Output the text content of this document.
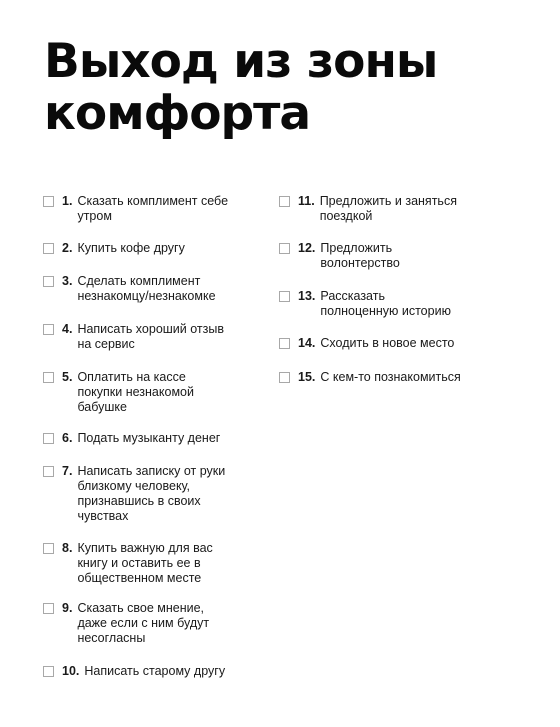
Выход из зоны
комфорта
1. Сказать комплимент себе
утром
2. Купить кофе другу
3. Сделать комплимент
незнакомцу/незнакомке
4. Написать хороший отзыв
на сервис
5. Оплатить на кассе
покупки незнакомой
бабушке
6. Подать музыканту денег
7. Написать записку от руки
близкому человеку,
признавшись в своих
чувствах
8. Купить важную для вас
книгу и оставить ее в
общественном месте
9. Сказать свое мнение,
даже если с ним будут
несогласны
10. Написать старому другу
11. Предложить и заняться
поездкой
12. Предложить
волонтерство
13. Рассказать
полноценную историю
14. Сходить в новое место
15. С кем-то познакомиться
